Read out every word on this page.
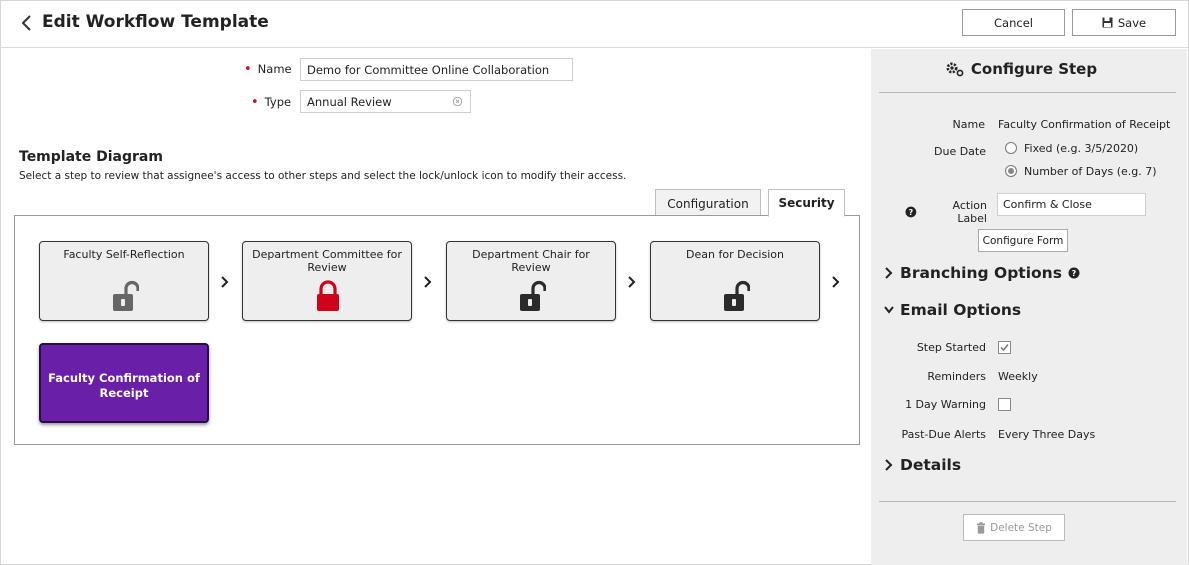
Edit Workflow Template	Cancel	Save
• Name Demo for Committee Online Collaboration
• Type Annual Review
Template Diagram
Select a step to review that assignee's access to other steps and select the lock/unlock icon to modify their access.
Configuration	Security
Faculty Self-Reflection	Department Committee for Review
Department Chair for Review
Dean for Decision
Faculty Confirmation of Receipt
Configure Step
Name Faculty Confirmation of Receipt
Due Date	Fixed (e.g. 3/5/2020)
Number of Days (e.g. 7)
?
Action Label
Confirm & Close
Configure Form
Branching Options ?
Email Options
Step Started
Reminders Weekly
1 Day Warning
Past-Due Alerts Every Three Days
Details
Delete Step
